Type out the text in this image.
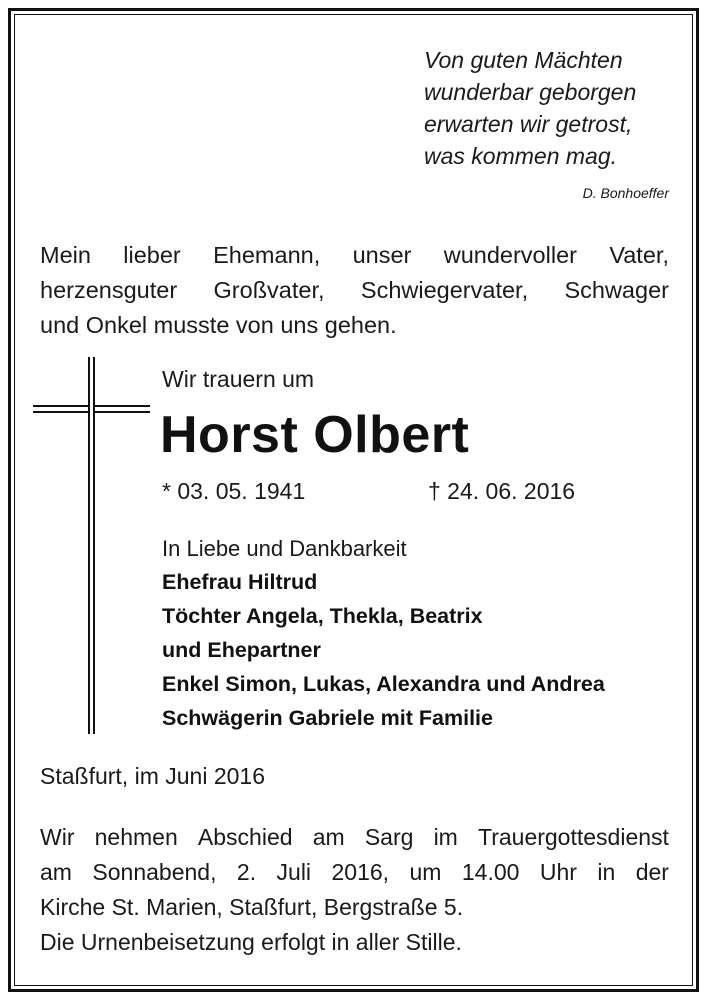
Von guten Mächten
wunderbar geborgen
erwarten wir getrost,
was kommen mag.
D. Bonhoeffer
Mein lieber Ehemann, unser wundervoller Vater,
herzensguter Großvater, Schwiegervater, Schwager
und Onkel musste von uns gehen.
Wir trauern um
Horst Olbert
* 03. 05. 1941	† 24. 06. 2016
In Liebe und Dankbarkeit
Ehefrau Hiltrud
Töchter Angela, Thekla, Beatrix
und Ehepartner
Enkel Simon, Lukas, Alexandra und Andrea
Schwägerin Gabriele mit Familie
Staßfurt, im Juni 2016
Wir nehmen Abschied am Sarg im Trauergottesdienst
am Sonnabend, 2. Juli 2016, um 14.00 Uhr in der
Kirche St. Marien, Staßfurt, Bergstraße 5.
Die Urnenbeisetzung erfolgt in aller Stille.
